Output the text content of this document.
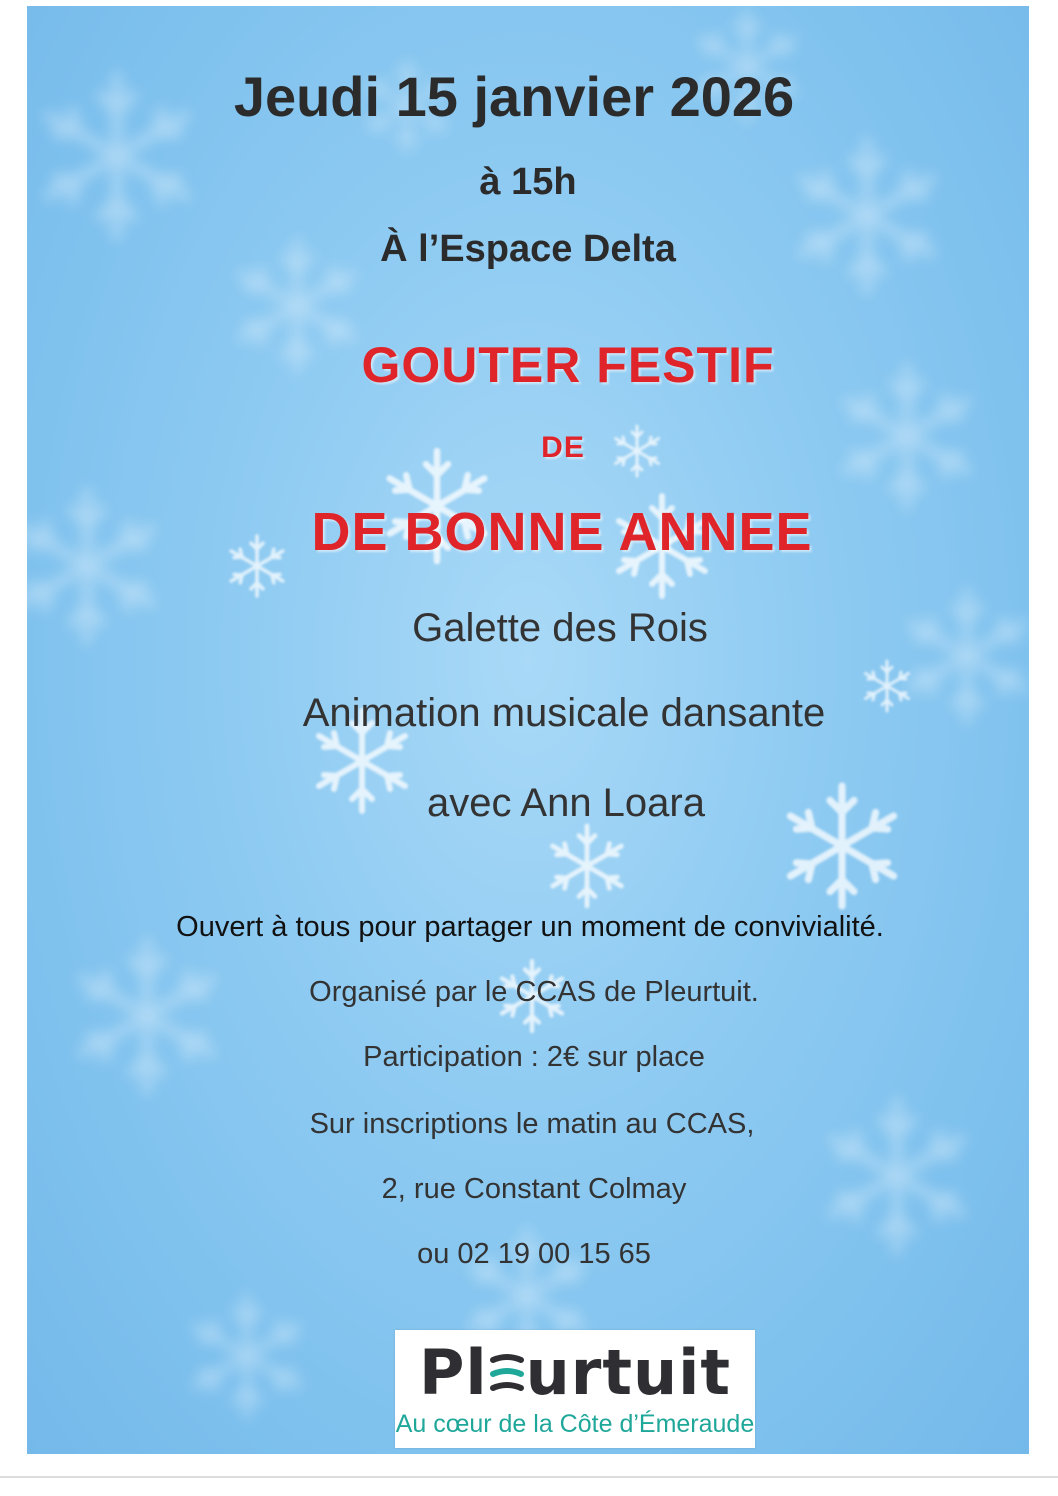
Jeudi 15 janvier 2026
à 15h
À l’Espace Delta
GOUTER FESTIF
DE
DE BONNE ANNEE
Galette des Rois
Animation musicale dansante
avec Ann Loara
Ouvert à tous pour partager un moment de convivialité.
Organisé par le CCAS de Pleurtuit.
Participation : 2€ sur place
Sur inscriptions le matin au CCAS,
2, rue Constant Colmay
ou 02 19 00 15 65
Pl urtuit
Au cœur de la Côte d’Émeraude
